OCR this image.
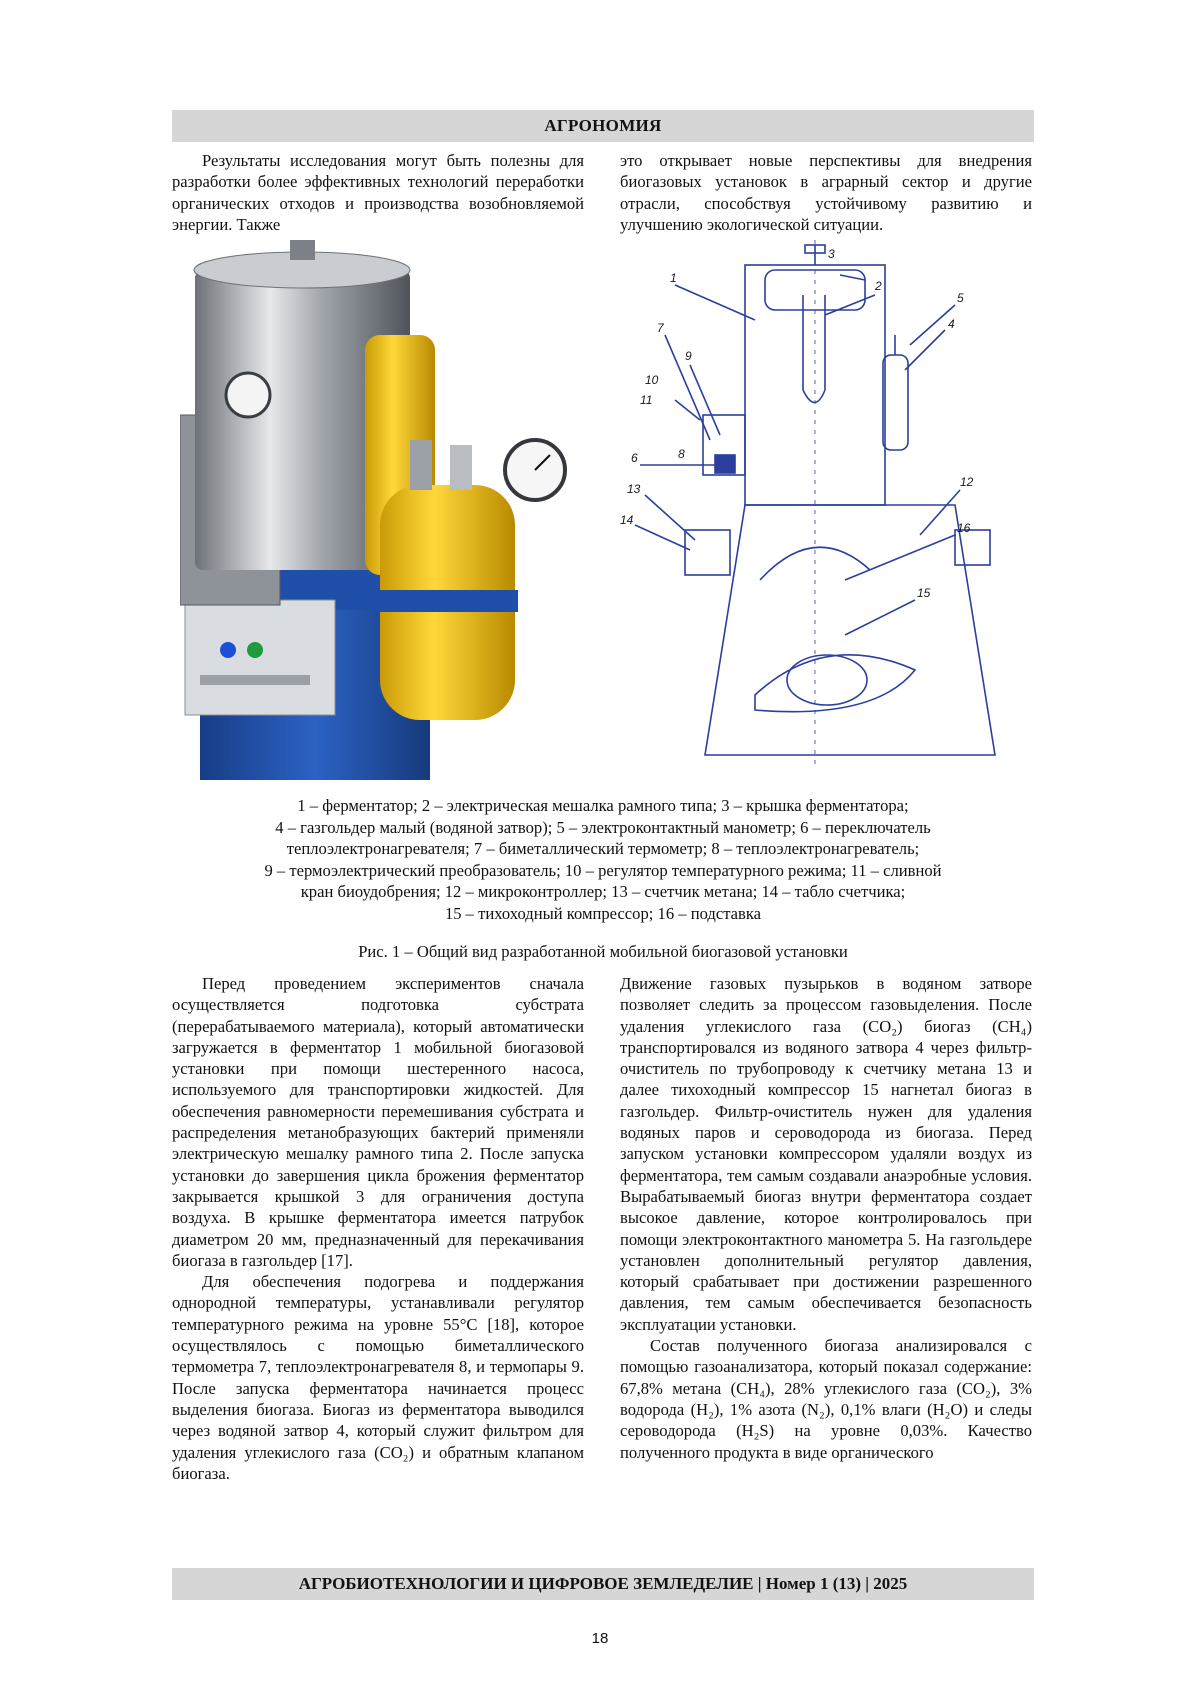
АГРОНОМИЯ

Результаты исследования могут быть полезны для разработки более эффективных технологий переработки органических отходов и производства возобновляемой энергии. Также

это открывает новые перспективы для внедрения биогазовых установок в аграрный сектор и другие отрасли, способствуя устойчивому развитию и улучшению экологической ситуации.

1
2
3
4
5
6
7
8
9
10
11
12
13
14
15
16
1 – ферментатор; 2 – электрическая мешалка рамного типа; 3 – крышка ферментатора;
4 – газгольдер малый (водяной затвор); 5 – электроконтактный манометр; 6 – переключатель
теплоэлектронагревателя; 7 – биметаллический термометр; 8 – теплоэлектронагреватель;
9 – термоэлектрический преобразователь; 10 – регулятор температурного режима; 11 – сливной
кран биоудобрения; 12 – микроконтроллер; 13 – счетчик метана; 14 – табло счетчика;
15 – тихоходный компрессор; 16 – подставка
Рис. 1 – Общий вид разработанной мобильной биогазовой установки

Перед проведением экспериментов сначала осуществляется подготовка субстрата (перерабатываемого материала), который автоматически загружается в ферментатор 1 мобильной биогазовой установки при помощи шестеренного насоса, используемого для транспортировки жидкостей. Для обеспечения равномерности перемешивания субстрата и распределения метанобразующих бактерий применяли электрическую мешалку рамного типа 2. После запуска установки до завершения цикла брожения ферментатор закрывается крышкой 3 для ограничения доступа воздуха. В крышке ферментатора имеется патрубок диаметром 20 мм, предназначенный для перекачивания биогаза в газгольдер [17].

Для обеспечения подогрева и поддержания однородной температуры, устанавливали регулятор температурного режима на уровне 55°C [18], которое осуществлялось с помощью биметаллического термометра 7, теплоэлектронагревателя 8, и термопары 9. После запуска ферментатора начинается процесс выделения биогаза. Биогаз из ферментатора выводился через водяной затвор 4, который служит фильтром для удаления углекислого газа (CO₂) и обратным клапаном биогаза.

Движение газовых пузырьков в водяном затворе позволяет следить за процессом газовыделения. После удаления углекислого газа (CO₂) биогаз (CH₄) транспортировался из водяного затвора 4 через фильтр-очиститель по трубопроводу к счетчику метана 13 и далее тихоходный компрессор 15 нагнетал биогаз в газгольдер. Фильтр-очиститель нужен для удаления водяных паров и сероводорода из биогаза. Перед запуском установки компрессором удаляли воздух из ферментатора, тем самым создавали анаэробные условия. Вырабатываемый биогаз внутри ферментатора создает высокое давление, которое контролировалось при помощи электроконтактного манометра 5. На газгольдере установлен дополнительный регулятор давления, который срабатывает при достижении разрешенного давления, тем самым обеспечивается безопасность эксплуатации установки.

Состав полученного биогаза анализировался с помощью газоанализатора, который показал содержание: 67,8% метана (CH₄), 28% углекислого газа (CO₂), 3% водорода (H₂), 1% азота (N₂), 0,1% влаги (H₂O) и следы сероводорода (H₂S) на уровне 0,03%. Качество полученного продукта в виде органического

АГРОБИОТЕХНОЛОГИИ И ЦИФРОВОЕ ЗЕМЛЕДЕЛИЕ | Номер 1 (13) | 2025
18
